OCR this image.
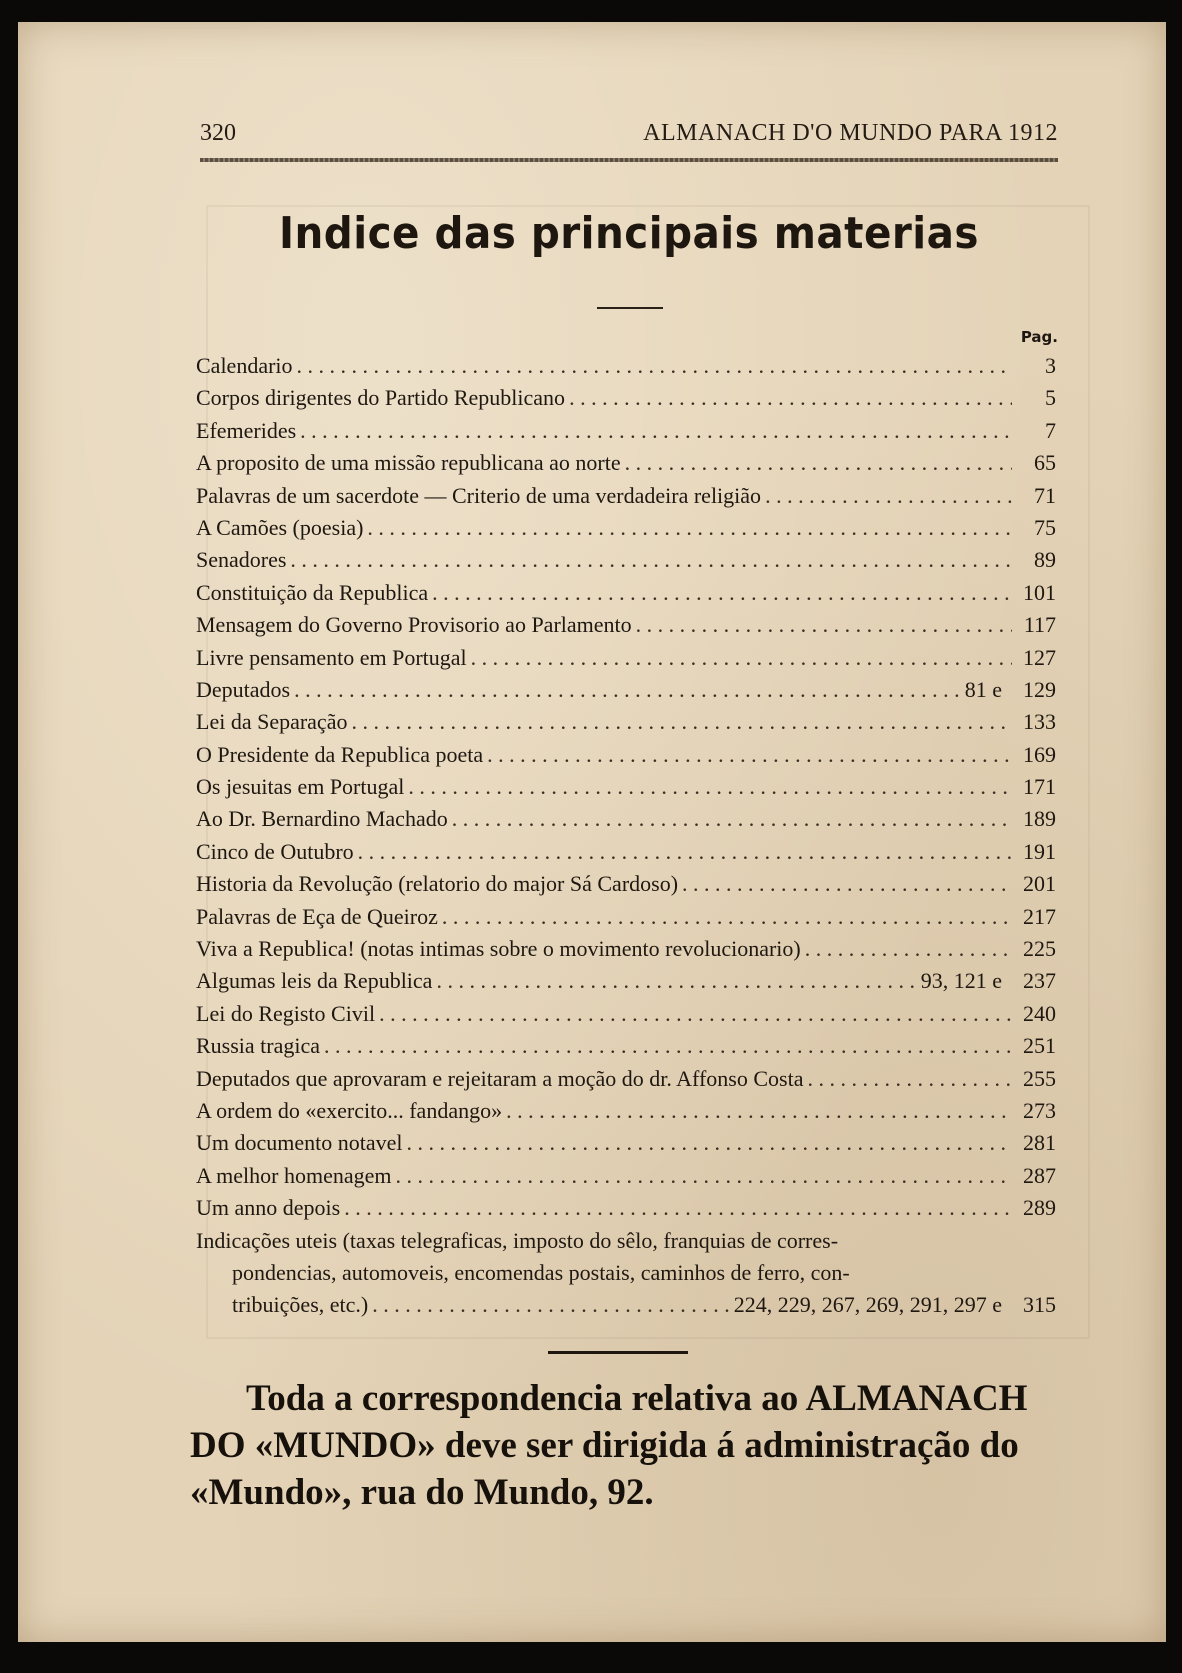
320	ALMANACH D'O MUNDO PARA 1912
Indice das principais materias
Pag.
Calendario . . .	3
Corpos dirigentes do Partido Republicano . . .	5
Efemerides . . .	7
A proposito de uma missão republicana ao norte . . .	65
Palavras de um sacerdote — Criterio de uma verdadeira religião . . .	71
A Camões (poesia) . . .	75
Senadores . . .	89
Constituição da Republica . . .	101
Mensagem do Governo Provisorio ao Parlamento . . .	117
Livre pensamento em Portugal . . .	127
Deputados . . .	81 e 129
Lei da Separação . . .	133
O Presidente da Republica poeta . . .	169
Os jesuitas em Portugal . . .	171
Ao Dr. Bernardino Machado . . .	189
Cinco de Outubro . . .	191
Historia da Revolução (relatorio do major Sá Cardoso) . . .	201
Palavras de Eça de Queiroz . . .	217
Viva a Republica! (notas intimas sobre o movimento revolucionario) . . .	225
Algumas leis da Republica . . .	93, 121 e 237
Lei do Registo Civil . . .	240
Russia tragica . . .	251
Deputados que aprovaram e rejeitaram a moção do dr. Affonso Costa . . .	255
A ordem do «exercito... fandango» . . .	273
Um documento notavel . . .	281
A melhor homenagem . . .	287
Um anno depois . . .	289
Indicações uteis (taxas telegraficas, imposto do sêlo, franquias de corres-
pondencias, automoveis, encomendas postais, caminhos de ferro, con-
tribuições, etc.) . . .	224, 229, 267, 269, 291, 297 e 315
Toda a correspondencia relativa ao ALMANACH
DO «MUNDO» deve ser dirigida á administração do
«Mundo», rua do Mundo, 92.
